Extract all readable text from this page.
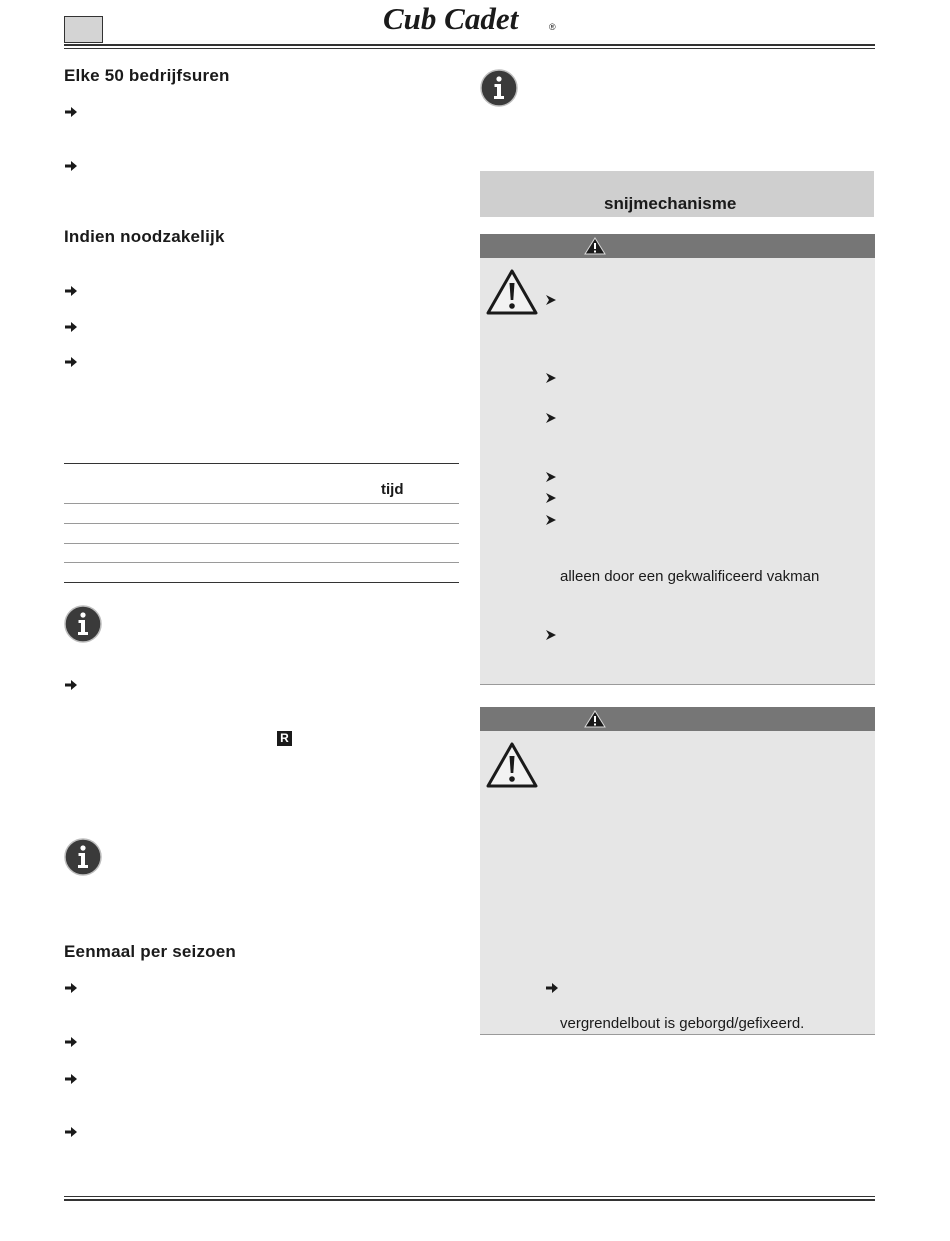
Cub Cadet	®
Elke 50 bedrijfsuren
Indien noodzakelijk
tijd
R
Eenmaal per seizoen
snijmechanisme
alleen door een gekwalificeerd vakman
vergrendelbout is geborgd/gefixeerd.
